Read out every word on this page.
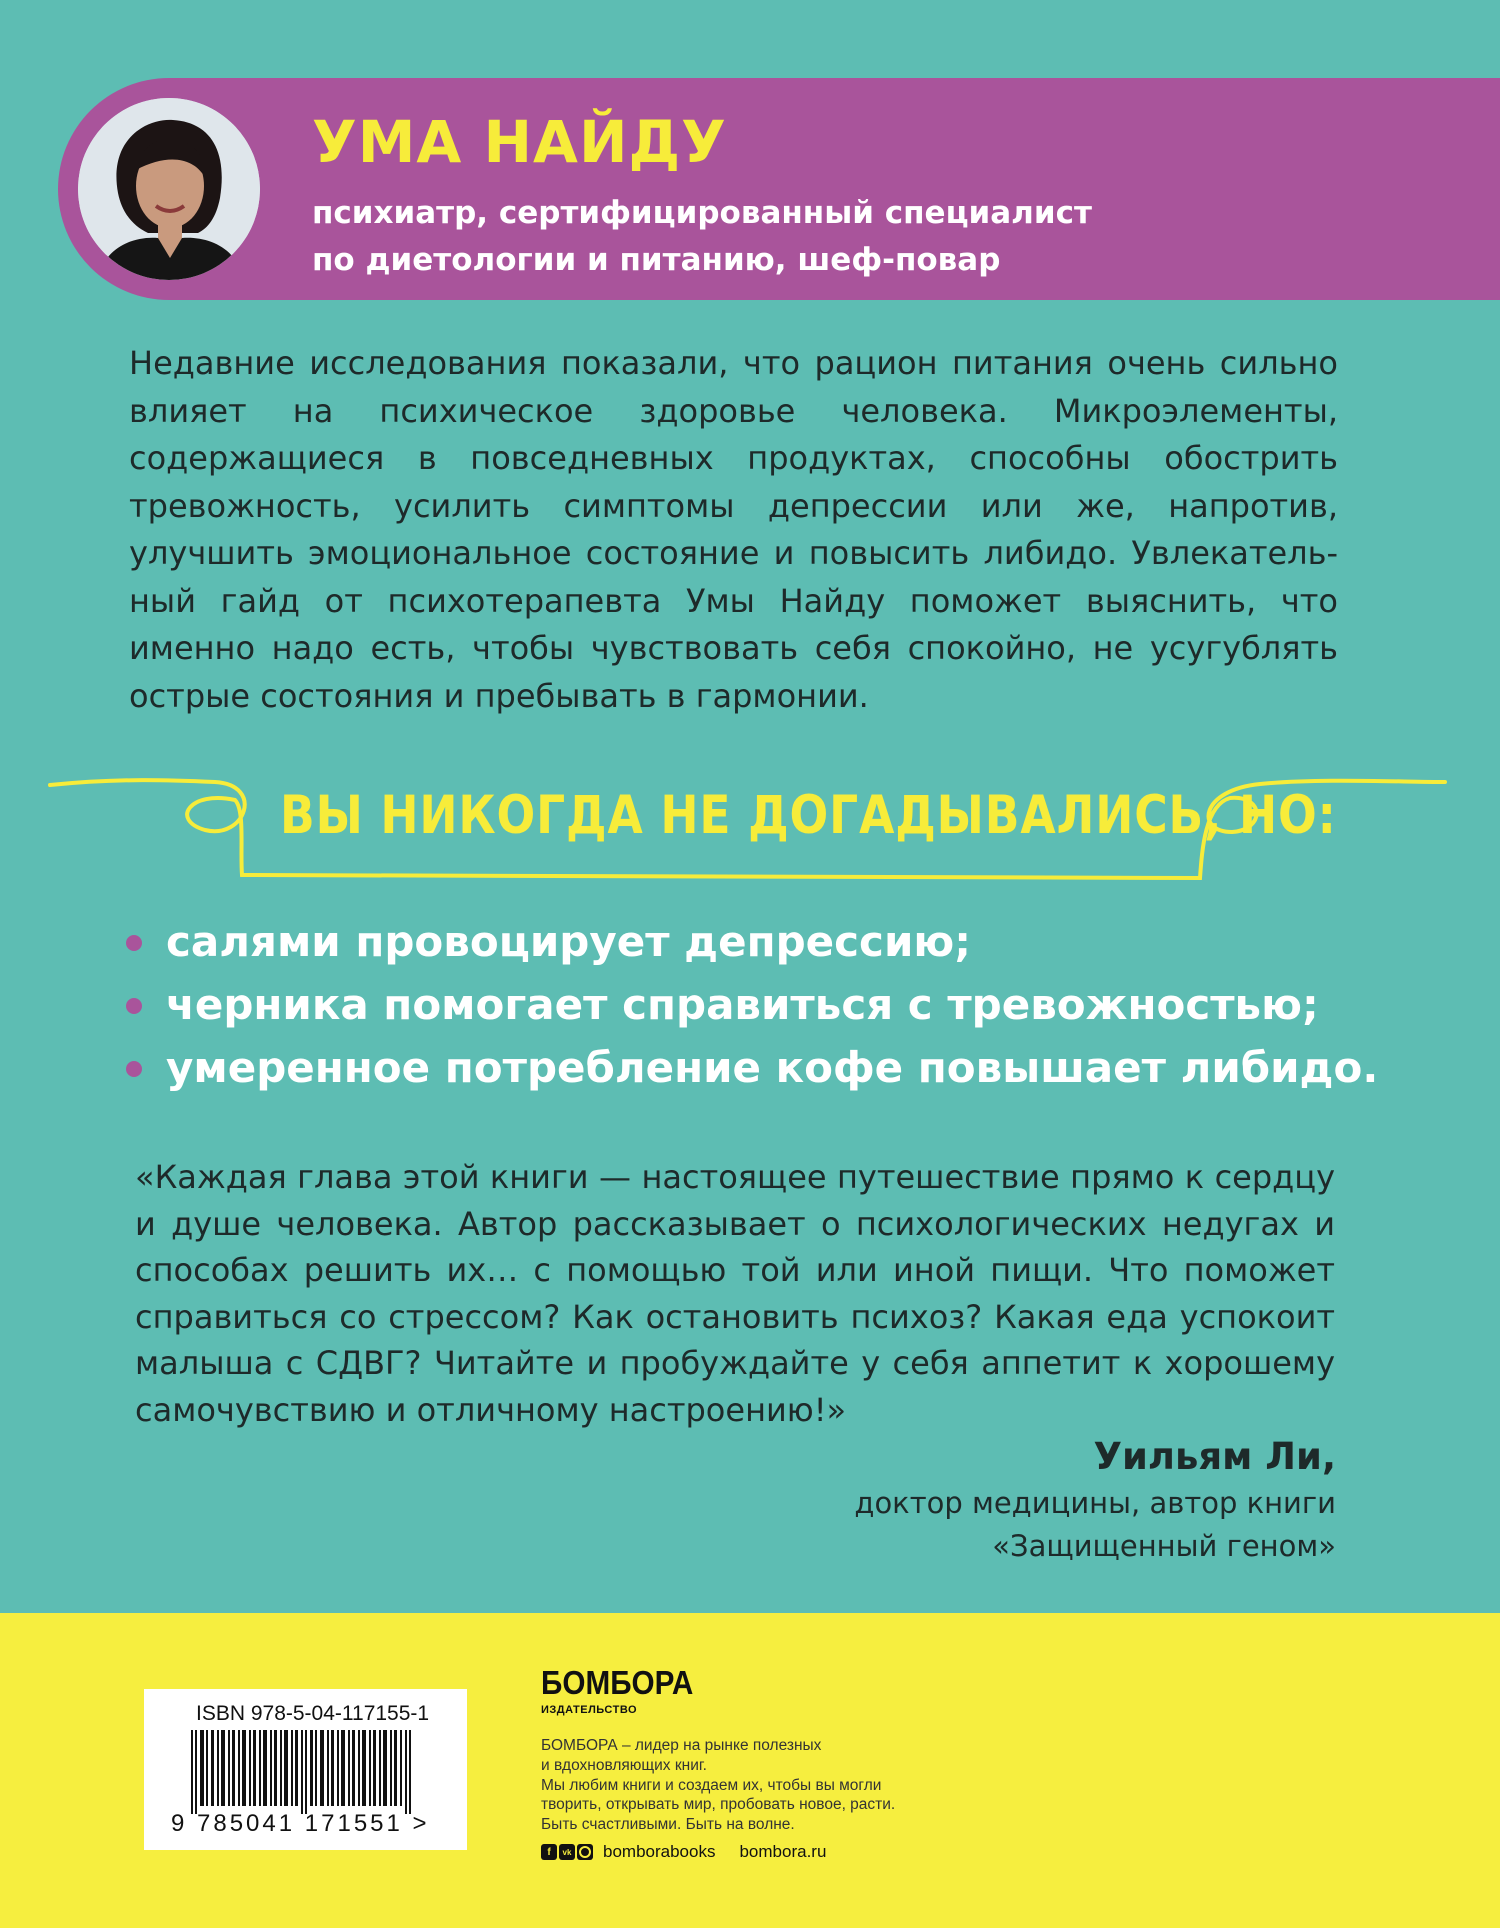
УМА НАЙДУ

психиатр, сертифицированный специалист
по диетологии и питанию, шеф-повар

Недавние исследования показали, что рацион питания очень сильно влияет на психическое здоровье человека. Микроэлементы, содержащиеся в повседневных продуктах, способны обострить тревожность, усилить симптомы депрессии или же, напротив, улучшить эмоциональное состояние и повысить либидо. Увлекательный гайд от психотерапевта Умы Найду поможет выяснить, что именно надо есть, чтобы чувствовать себя спокойно, не усугублять острые состояния и пребывать в гармонии.

ВЫ НИКОГДА НЕ ДОГАДЫВАЛИСЬ, НО:
салями провоцирует депрессию;
черника помогает справиться с тревожностью;
умеренное потребление кофе повышает либидо.

«Каждая глава этой книги — настоящее путешествие прямо к сердцу и душе человека. Автор рассказывает о психологических недугах и способах решить их… с помощью той или иной пищи. Что поможет справиться со стрессом? Как остановить психоз? Какая еда успокоит малыша с СДВГ? Читайте и пробуждайте у себя аппетит к хорошему самочувствию и отличному настроению!»

Уильям Ли,
доктор медицины, автор книги
«Защищенный геном»
ISBN 978-5-04-117155-1
9 785041 171551 >
БОМБОРА
ИЗДАТЕЛЬСТВО

БОМБОРА – лидер на рынке полезных
и вдохновляющих книг.
Мы любим книги и создаем их, чтобы вы могли
творить, открывать мир, пробовать новое, расти.
Быть счастливыми. Быть на волне.

f	vk bomborabooks bombora.ru
